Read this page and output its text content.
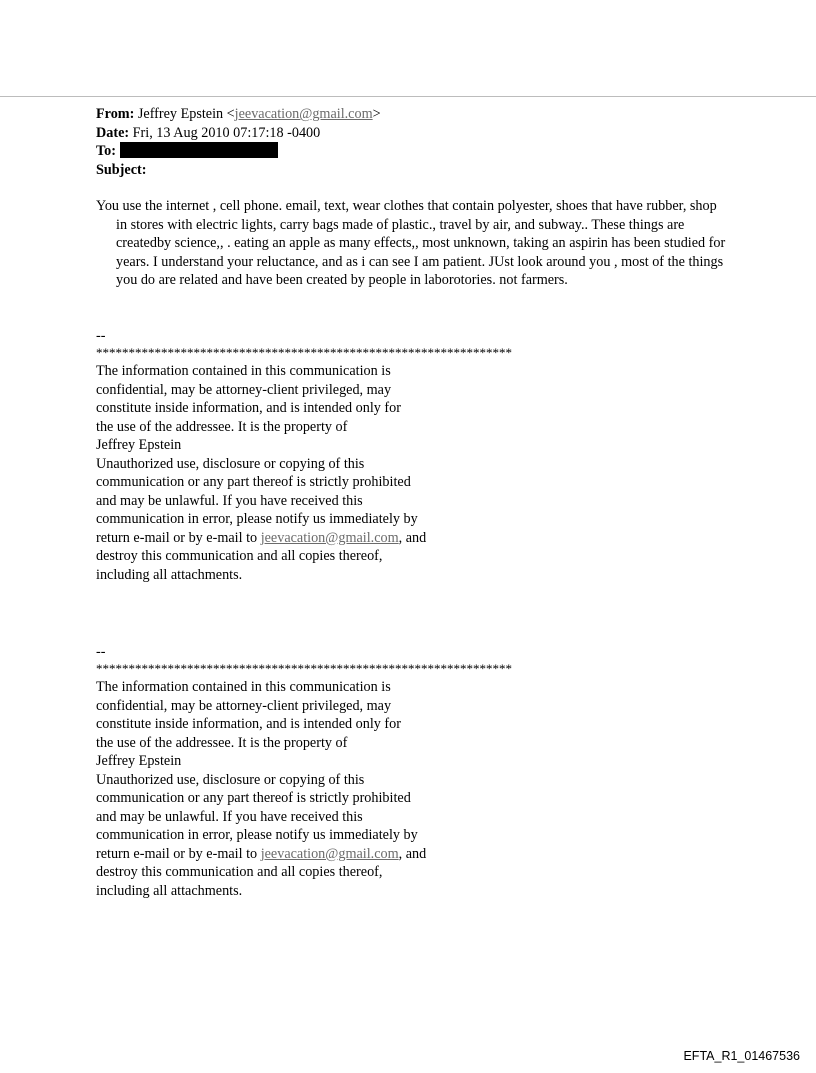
From: Jeffrey Epstein <jeevacation@gmail.com>
Date: Fri, 13 Aug 2010 07:17:18 -0400
To:
Subject:
You use the internet , cell phone. email, text, wear clothes that contain polyester, shoes that have rubber, shop in stores with electric lights, carry bags made of plastic., travel by air, and subway.. These things are createdby science,, . eating an apple as many effects,, most unknown, taking an aspirin has been studied for years. I understand your reluctance, and as i can see I am patient. JUst look around you , most of the things you do are related and have been created by people in laborotories. not farmers.
--
****************************************************************
The information contained in this communication is
confidential, may be attorney-client privileged, may
constitute inside information, and is intended only for
the use of the addressee. It is the property of
Jeffrey Epstein
Unauthorized use, disclosure or copying of this
communication or any part thereof is strictly prohibited
and may be unlawful. If you have received this
communication in error, please notify us immediately by
return e-mail or by e-mail to jeevacation@gmail.com, and
destroy this communication and all copies thereof,
including all attachments.
--
****************************************************************
The information contained in this communication is
confidential, may be attorney-client privileged, may
constitute inside information, and is intended only for
the use of the addressee. It is the property of
Jeffrey Epstein
Unauthorized use, disclosure or copying of this
communication or any part thereof is strictly prohibited
and may be unlawful. If you have received this
communication in error, please notify us immediately by
return e-mail or by e-mail to jeevacation@gmail.com, and
destroy this communication and all copies thereof,
including all attachments.
EFTA_R1_01467536
